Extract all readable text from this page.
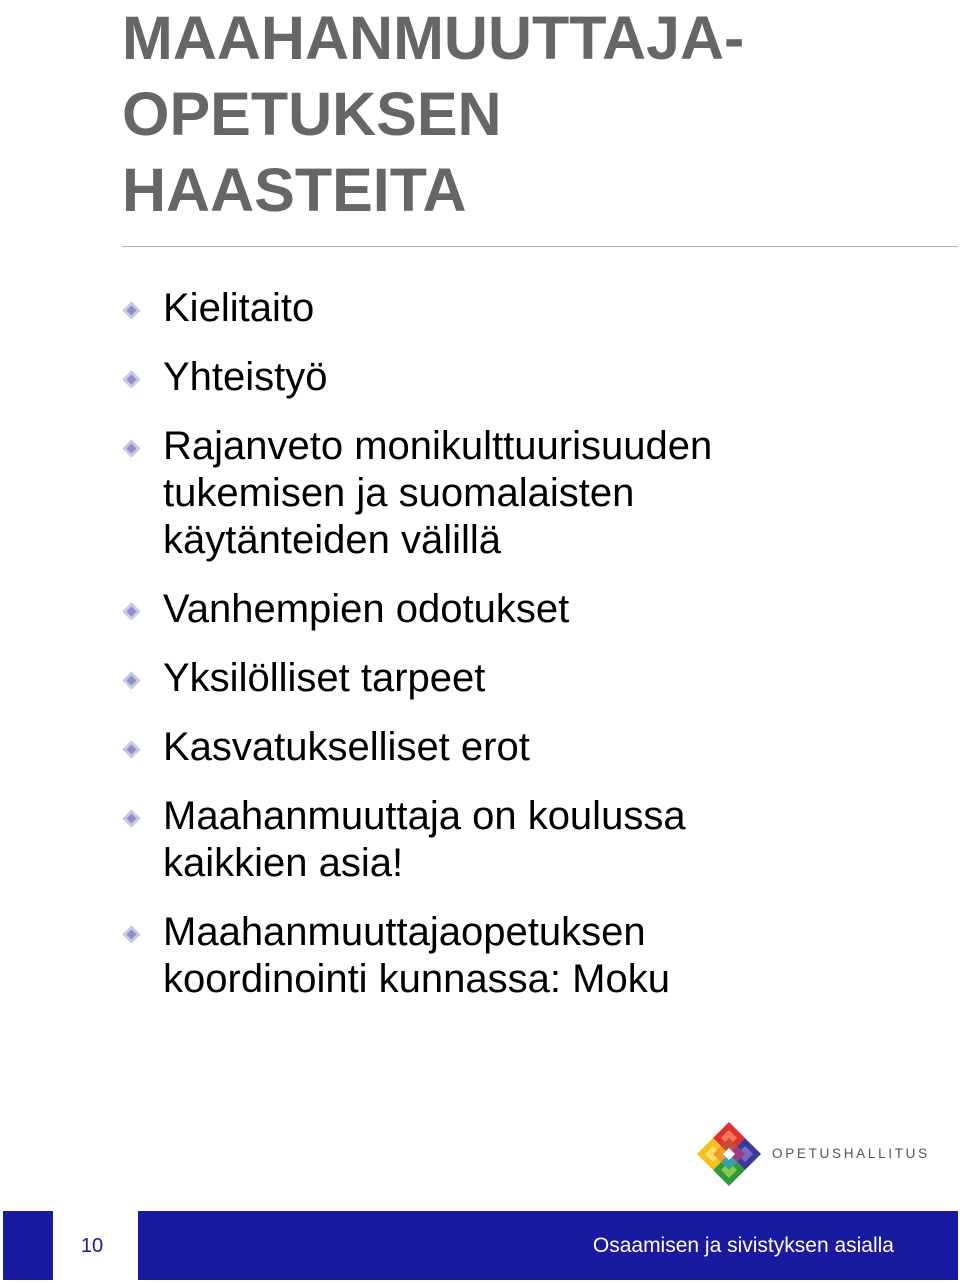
MAAHANMUUTTAJA-
OPETUKSEN
HAASTEITA
Kielitaito
Yhteistyö
Rajanveto monikulttuurisuuden
tukemisen ja suomalaisten
käytänteiden välillä
Vanhempien odotukset
Yksilölliset tarpeet
Kasvatukselliset erot
Maahanmuuttaja on koulussa
kaikkien asia!
Maahanmuuttajaopetuksen
koordinointi kunnassa: Moku
OPETUSHALLITUS
10	Osaamisen ja sivistyksen asialla
